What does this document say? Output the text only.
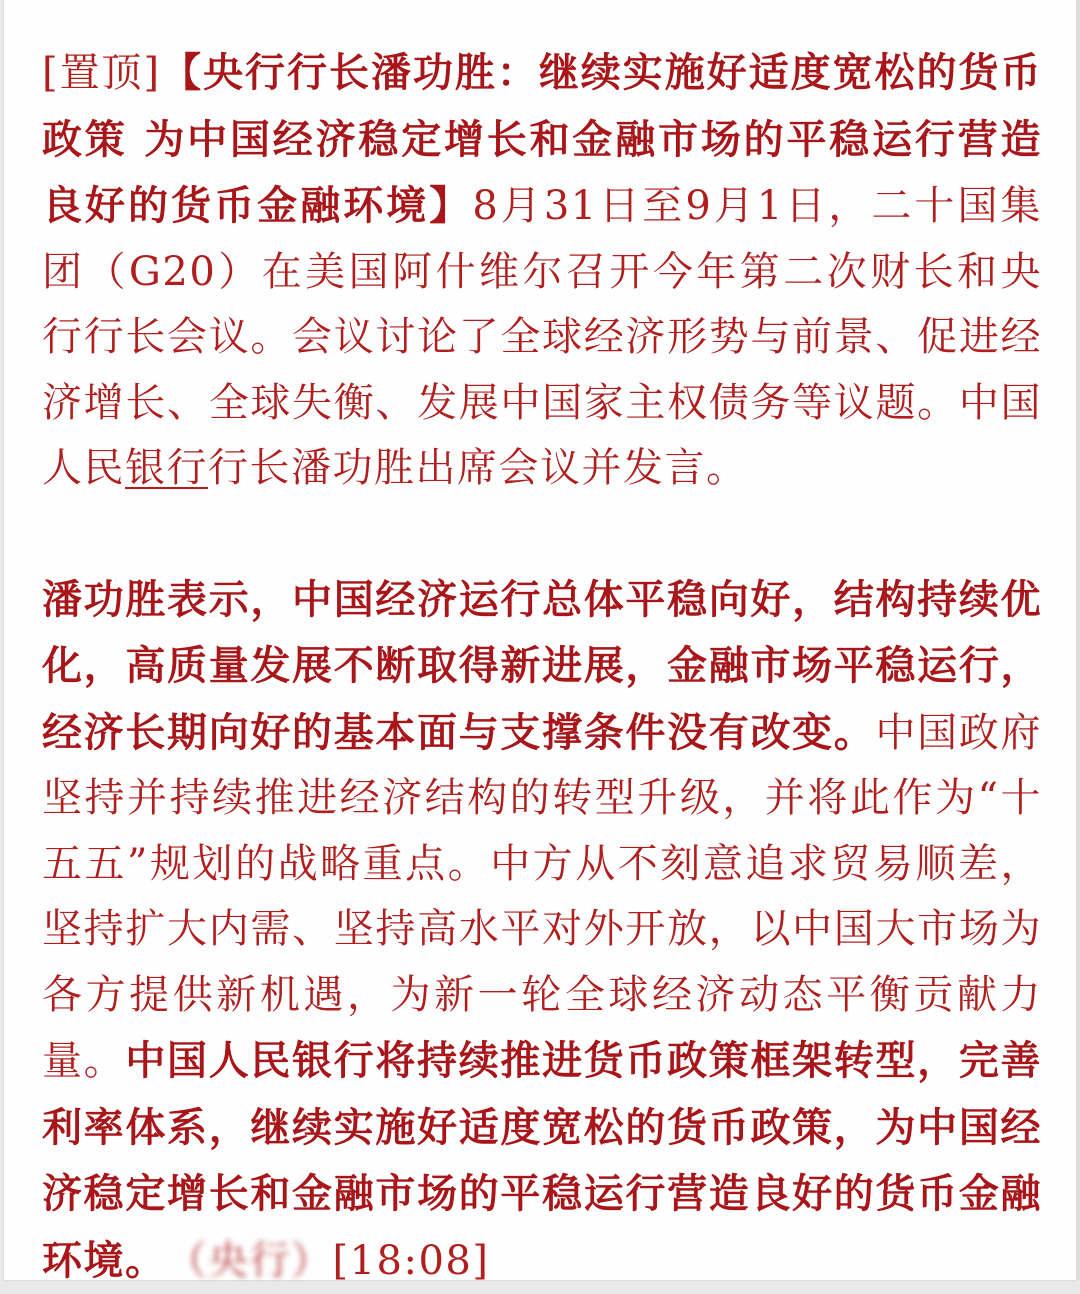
[置顶]【央行行长潘功胜：继续实施好适度宽松的货币政策 为中国经济稳定增长和金融市场的平稳运行营造良好的货币金融环境】8月31日至9月1日，二十国集团（G20）在美国阿什维尔召开今年第二次财长和央行行长会议。会议讨论了全球经济形势与前景、促进经济增长、全球失衡、发展中国家主权债务等议题。中国人民银行行长潘功胜出席会议并发言。

潘功胜表示，中国经济运行总体平稳向好，结构持续优化，高质量发展不断取得新进展，金融市场平稳运行，经济长期向好的基本面与支撑条件没有改变。中国政府坚持并持续推进经济结构的转型升级，并将此作为“十五五”规划的战略重点。中方从不刻意追求贸易顺差，坚持扩大内需、坚持高水平对外开放，以中国大市场为各方提供新机遇，为新一轮全球经济动态平衡贡献力量。中国人民银行将持续推进货币政策框架转型，完善利率体系，继续实施好适度宽松的货币政策，为中国经济稳定增长和金融市场的平稳运行营造良好的货币金融环境。（央行）[18:08]
